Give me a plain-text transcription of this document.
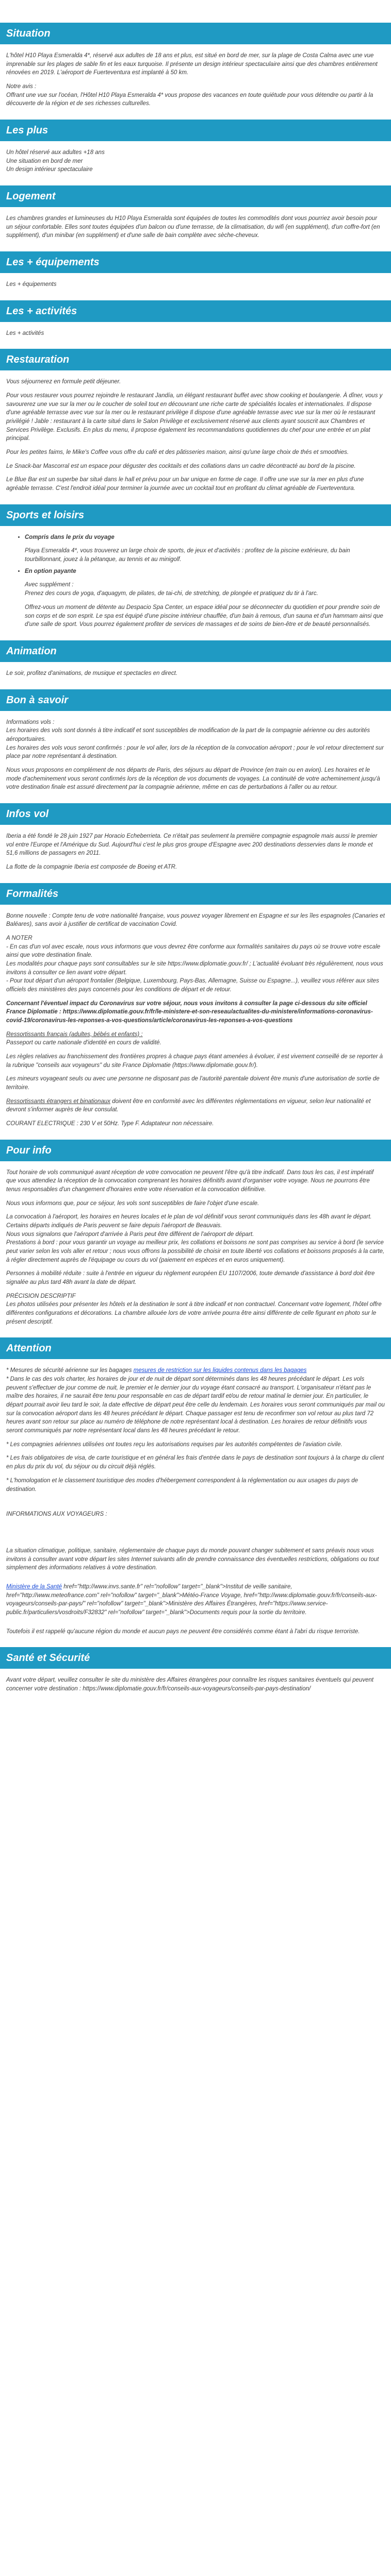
Situation

L'hôtel H10 Playa Esmeralda 4*, réservé aux adultes de 18 ans et plus, est situé en bord de mer, sur la plage de Costa Calma avec une vue imprenable sur les plages de sable fin et les eaux turquoise. Il présente un design intérieur spectaculaire ainsi que des chambres entièrement rénovées en 2019. L'aéroport de Fuerteventura est implanté à 50 km.

Notre avis :

Offrant une vue sur l'océan, l'Hôtel H10 Playa Esmeralda 4* vous propose des vacances en toute quiétude pour vous détendre ou partir à la découverte de la région et de ses richesses culturelles.

Les plus
Un hôtel réservé aux adultes +18 ans
Une situation en bord de mer
Un design intérieur spectaculaire
Logement

Les chambres grandes et lumineuses du H10 Playa Esmeralda sont équipées de toutes les commodités dont vous pourriez avoir besoin pour un séjour confortable. Elles sont toutes équipées d'un balcon ou d'une terrasse, de la climatisation, du wifi (en supplément), d'un coffre-fort (en supplément), d'un minibar (en supplément) et d'une salle de bain complète avec sèche-cheveux.

Les + équipements

Les + équipements

Les + activités

Les + activités

Restauration

Vous séjournerez en formule petit déjeuner.

Pour vous restaurer vous pourrez rejoindre le restaurant Jandía, un élégant restaurant buffet avec show cooking et boulangerie. À dîner, vous y savourerez une vue sur la mer ou le coucher de soleil tout en découvrant une riche carte de spécialités locales et internationales. Il dispose d'une agréable terrasse avec vue sur la mer ou le restaurant privilège Il dispose d'une agréable terrasse avec vue sur la mer où le restaurant privilégié ! Jable : restaurant à la carte situé dans le Salon Privilège et exclusivement réservé aux clients ayant souscrit aux Chambres et Services Privilège. Exclusifs. En plus du menu, il propose également les recommandations quotidiennes du chef pour une entrée et un plat principal.

Pour les petites faims, le Mike's Coffee vous offre du café et des pâtisseries maison, ainsi qu'une large choix de thés et smoothies.

Le Snack-bar Mascorral est un espace pour déguster des cocktails et des collations dans un cadre décontracté au bord de la piscine.

Le Blue Bar est un superbe bar situé dans le hall et prévu pour un bar unique en forme de cage. Il offre une vue sur la mer en plus d'une agréable terrasse. C'est l'endroit idéal pour terminer la journée avec un cocktail tout en profitant du climat agréable de Fuerteventura.

Sports et loisirs
• Compris dans le prix du voyage
Playa Esmeralda 4*, vous trouverez un large choix de sports, de jeux et d'activités : profitez de la piscine extérieure, du bain tourbillonnant, jouez à la pétanque, au tennis et au minigolf.
• En option payante
Avec supplément :
Prenez des cours de yoga, d'aquagym, de pilates, de tai-chi, de stretching, de plongée et pratiquez du tir à l'arc.
Offrez-vous un moment de détente au Despacio Spa Center, un espace idéal pour se déconnecter du quotidien et pour prendre soin de son corps et de son esprit. Le spa est équipé d'une piscine intérieur chauffée, d'un bain à remous, d'un sauna et d'un hammam ainsi que d'une salle de sport. Vous pourrez également profiter de services de massages et de soins de bien-être et de beauté personnalisés.
Animation

Le soir, profitez d'animations, de musique et spectacles en direct.

Bon à savoir
Informations vols :
Les horaires des vols sont donnés à titre indicatif et sont susceptibles de modification de la part de la compagnie aérienne ou des autorités aéroportuaires.

Les horaires des vols vous seront confirmés : pour le vol aller, lors de la réception de la convocation aéroport ; pour le vol retour directement sur place par notre représentant à destination.

Nous vous proposons en complément de nos départs de Paris, des séjours au départ de Province (en train ou en avion). Les horaires et le mode d'acheminement vous seront confirmés lors de la réception de vos documents de voyages. La continuité de votre acheminement jusqu'à votre destination finale est assuré directement par la compagnie aérienne, même en cas de perturbations à l'aller ou au retour.

Infos vol

Iberia a été fondé le 28 juin 1927 par Horacio Echeberrieta. Ce n'était pas seulement la première compagnie espagnole mais aussi le premier vol entre l'Europe et l'Amérique du Sud. Aujourd'hui c'est le plus gros groupe d'Espagne avec 200 destinations desservies dans le monde et 51,6 millions de passagers en 2011.

La flotte de la compagnie Iberia est composée de Boeing et ATR.

Formalités

Bonne nouvelle : Compte tenu de votre nationalité française, vous pouvez voyager librement en Espagne et sur les îles espagnoles (Canaries et Baléares), sans avoir à justifier de certificat de vaccination Covid.

A NOTER
- En cas d'un vol avec escale, nous vous informons que vous devrez être conforme aux formalités sanitaires du pays où se trouve votre escale ainsi que votre destination finale.
Les modalités pour chaque pays sont consultables sur le site https://www.diplomatie.gouv.fr/ ; L'actualité évoluant très régulièrement, nous vous invitons à consulter ce lien avant votre départ.

- Pour tout départ d'un aéroport frontalier (Belgique, Luxembourg, Pays-Bas, Allemagne, Suisse ou Espagne...), veuillez vous référer aux sites officiels des ministères des pays concernés pour les conditions de départ et de retour.

Concernant l'éventuel impact du Coronavirus sur votre séjour, nous vous invitons à consulter la page ci-dessous du site officiel France Diplomatie : https://www.diplomatie.gouv.fr/fr/le-ministere-et-son-reseau/actualites-du-ministere/informations-coronavirus-covid-19/coronavirus-les-reponses-a-vos-questions/article/coronavirus-les-reponses-a-vos-questions

Ressortissants français (adultes, bébés et enfants) :

Passeport ou carte nationale d'identité en cours de validité.

Les règles relatives au franchissement des frontières propres à chaque pays étant amenées à évoluer, il est vivement conseillé de se reporter à la rubrique "conseils aux voyageurs" du site France Diplomatie (https://www.diplomatie.gouv.fr/).

Les mineurs voyageant seuls ou avec une personne ne disposant pas de l'autorité parentale doivent être munis d'une autorisation de sortie de territoire.

Ressortissants étrangers et binationaux doivent être en conformité avec les différentes réglementations en vigueur, selon leur nationalité et devront s'informer auprès de leur consulat.

COURANT ELECTRIQUE : 230 V et 50Hz. Type F. Adaptateur non nécessaire.

Pour info

Tout horaire de vols communiqué avant réception de votre convocation ne peuvent l'être qu'à titre indicatif. Dans tous les cas, il est impératif que vous attendiez la réception de la convocation comprenant les horaires définitifs avant d'organiser votre voyage. Nous ne pourrons être tenus responsables d'un changement d'horaires entre votre réservation et la convocation définitive.

Nous vous informons que, pour ce séjour, les vols sont susceptibles de faire l'objet d'une escale.

La convocation à l'aéroport, les horaires en heures locales et le plan de vol définitif vous seront communiqués dans les 48h avant le départ.
Certains départs indiqués de Paris peuvent se faire depuis l'aéroport de Beauvais.
Nous vous signalons que l'aéroport d'arrivée à Paris peut être différent de l'aéroport de départ.

Prestations à bord : pour vous garantir un voyage au meilleur prix, les collations et boissons ne sont pas comprises au service à bord (le service peut varier selon les vols aller et retour ; nous vous offrons la possibilité de choisir en toute liberté vos collations et boissons proposés à la carte, à régler directement auprès de l'équipage ou cours du vol (paiement en espèces et en euros uniquement).

Personnes à mobilité réduite : suite à l'entrée en vigueur du règlement européen EU 1107/2006, toute demande d'assistance à bord doit être signalée au plus tard 48h avant la date de départ.

PRÉCISION DESCRIPTIF

Les photos utilisées pour présenter les hôtels et la destination le sont à titre indicatif et non contractuel. Concernant votre logement, l'hôtel offre différentes configurations et décorations. La chambre allouée lors de votre arrivée pourra être ainsi différente de celle figurant en photo sur le présent descriptif.

Attention
* Mesures de sécurité aérienne sur les bagages mesures de restriction sur les liquides contenus dans les bagages

* Dans le cas des vols charter, les horaires de jour et de nuit de départ sont déterminés dans les 48 heures précédant le départ. Les vols peuvent s'effectuer de jour comme de nuit, le premier et le dernier jour du voyage étant consacré au transport. L'organisateur n'étant pas le maître des horaires, il ne saurait être tenu pour responsable en cas de départ tardif et/ou de retour matinal le dernier jour. En particulier, le départ pourrait avoir lieu tard le soir, la date effective de départ peut être celle du lendemain. Les horaires vous seront communiqués par mail ou sur la convocation aéroport dans les 48 heures précédant le départ. Chaque passager est tenu de reconfirmer son vol retour au plus tard 72 heures avant son retour sur place au numéro de téléphone de notre représentant local à destination. Les horaires de retour définitifs vous seront communiqués par notre représentant local dans les 48 heures précédant le retour.

* Les compagnies aériennes utilisées ont toutes reçu les autorisations requises par les autorités compétentes de l'aviation civile.

* Les frais obligatoires de visa, de carte touristique et en général les frais d'entrée dans le pays de destination sont toujours à la charge du client en plus du prix du vol, du séjour ou du circuit déjà réglés.

* L'homologation et le classement touristique des modes d'hébergement correspondent à la réglementation ou aux usages du pays de destination.

INFORMATIONS AUX VOYAGEURS :

La situation climatique, politique, sanitaire, réglementaire de chaque pays du monde pouvant changer subitement et sans préavis nous vous invitons à consulter avant votre départ les sites Internet suivants afin de prendre connaissance des éventuelles restrictions, obligations ou tout simplement des informations relatives à votre destination.

Ministère de la Santé href="http://www.invs.sante.fr" rel="nofollow" target="_blank">Institut de veille sanitaire, href="http://www.meteofrance.com" rel="nofollow" target="_blank">Météo-France Voyage, href="http://www.diplomatie.gouv.fr/fr/conseils-aux-voyageurs/conseils-par-pays/" rel="nofollow" target="_blank">Ministère des Affaires Étrangères, href="https://www.service-public.fr/particuliers/vosdroits/F32832" rel="nofollow" target="_blank">Documents requis pour la sortie du territoire.

Toutefois il est rappelé qu'aucune région du monde et aucun pays ne peuvent être considérés comme étant à l'abri du risque terroriste.

Santé et Sécurité

Avant votre départ, veuillez consulter le site du ministère des Affaires étrangères pour connaître les risques sanitaires éventuels qui peuvent concerner votre destination : https://www.diplomatie.gouv.fr/fr/conseils-aux-voyageurs/conseils-par-pays-destination/
